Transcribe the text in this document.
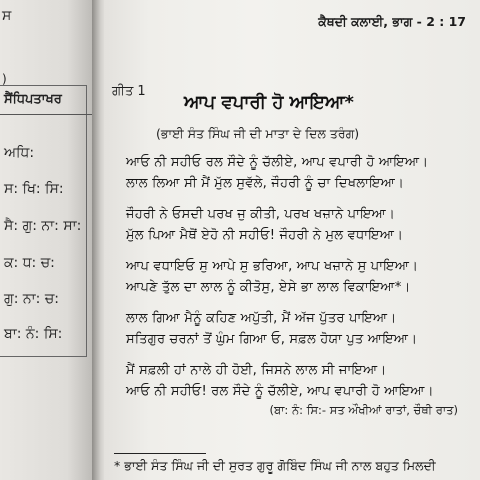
ਸ
)
ਸੈਂਧਿਪਤਾਖਰ
ਅਧਿ:
ਸ: ਖਿ: ਸਿ:
ਸੈ: ਗੁ: ਨਾ: ਸਾ:
ਕ: ਧ: ਚ:
ਗੁ: ਨਾ: ਚ:
ਬਾ: ਨੰ: ਸਿ:
ਕੈਥਦੀ ਕਲਾਈ, ਭਾਗ - 2 : 17
ਗੀਤ 1
ਆਪ ਵਪਾਰੀ ਹੋ ਆਇਆ*
(ਭਾਈ ਸੰਤ ਸਿੰਘ ਜੀ ਦੀ ਮਾਤਾ ਦੇ ਦਿਲ ਤਰੰਗ)
ਆਓ ਨੀ ਸਹੀਓ ਰਲ ਸੌਦੇ ਨੂੰ ਚੱਲੀਏ, ਆਪ ਵਪਾਰੀ ਹੋ ਆਇਆ।
ਲਾਲ ਲਿਆ ਸੀ ਮੈਂ ਮੁੱਲ ਸੁਵੱਲੇ, ਜੌਹਰੀ ਨੂੰ ਚਾ ਦਿਖਲਾਇਆ।
ਜੌਹਰੀ ਨੇ ਓਸਦੀ ਪਰਖ ਜੁ ਕੀਤੀ, ਪਰਖ ਖਜ਼ਾਨੇ ਪਾਇਆ।
ਮੁੱਲ ਪਿਆ ਮੈਥੋਂ ਏਹੋ ਨੀ ਸਹੀਓ! ਜੌਹਰੀ ਨੇ ਮੁਲ ਵਧਾਇਆ।
ਆਪ ਵਧਾਇਓ ਸੁ ਆਪੇ ਸੁ ਭਰਿਆ, ਆਪ ਖਜ਼ਾਨੇ ਸੁ ਪਾਇਆ।
ਆਪਣੇ ਤੁੱਲ ਦਾ ਲਾਲ ਨੂੰ ਕੀਤੋਸੁ, ਏਸੇ ਭਾ ਲਾਲ ਵਿਕਾਇਆ*।
ਲਾਲ ਗਿਆ ਮੈਨੂੰ ਕਹਿਣ ਅਪੁੱਤੀ, ਮੈਂ ਅੱਜ ਪੁੱਤਰ ਪਾਇਆ।
ਸਤਿਗੁਰ ਚਰਨਾਂ ਤੋਂ ਘੁੰਮ ਗਿਆ ਓ, ਸਫ਼ਲ ਹੋਯਾ ਪੁਤ ਆਇਆ।
ਮੈਂ ਸਫ਼ਲੀ ਹਾਂ ਨਾਲੇ ਹੀ ਹੋਈ, ਜਿਸਨੇ ਲਾਲ ਸੀ ਜਾਇਆ।
ਆਓ ਨੀ ਸਹੀਓ! ਰਲ ਸੌਦੇ ਨੂੰ ਚੱਲੀਏ, ਆਪ ਵਪਾਰੀ ਹੋ ਆਇਆ।
(ਬਾ: ਨੰ: ਸਿ:- ਸਤ ਔਖੀਆਂ ਰਾਤਾਂ, ਚੌਥੀ ਰਾਤ)
* ਭਾਈ ਸੰਤ ਸਿੰਘ ਜੀ ਦੀ ਸੁਰਤ ਗੁਰੂ ਗੋਬਿੰਦ ਸਿੰਘ ਜੀ ਨਾਲ ਬਹੁਤ ਮਿਲਦੀ
